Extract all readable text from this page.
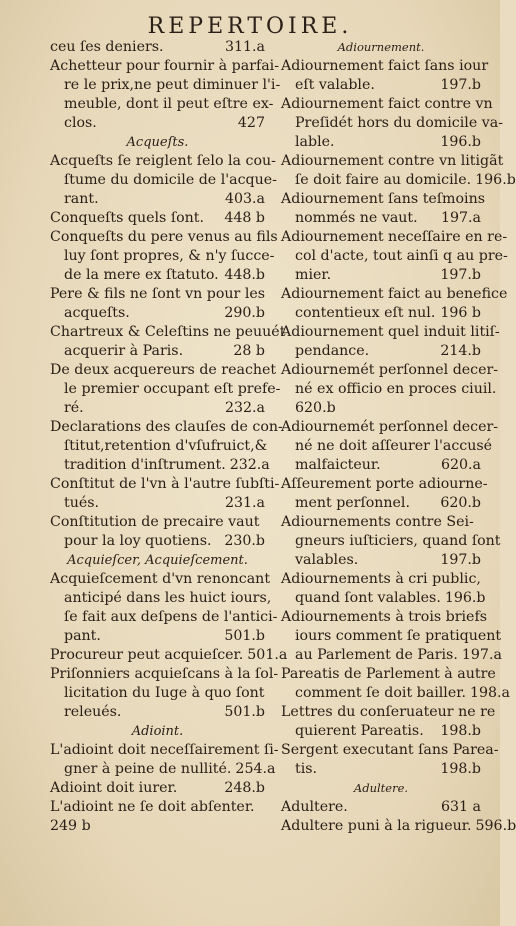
REPERTOIRE.
ceu ſes deniers.	311.a
Achetteur pour fournir à parfai-
re le prix,ne peut diminuer l'i-
meuble, dont il peut eſtre ex-
clos.	427
Acqueſts.
Acqueſts ſe reiglent ſelo la cou-
ſtume du domicile de l'acque-
rant.	403.a
Conqueſts quels ſont. 448 b
Conqueſts du pere venus au fils
luy ſont propres, & n'y ſucce-
de la mere ex ſtatuto. 448.b
Pere & fils ne ſont vn pour les
acqueſts.	290.b
Chartreux & Celeſtins ne peuuét
acquerir à Paris.	28 b
De deux acquereurs de reachet
le premier occupant eſt prefe-
ré.	232.a
Declarations des clauſes de con-
ſtitut,retention d'vſufruict,&
tradition d'inſtrument. 232.a
Conſtitut de l'vn à l'autre ſubſti-
tués.	231.a
Conſtitution de precaire vaut
pour la loy quotiens. 230.b
Acquieſcer, Acquieſcement.
Acquieſcement d'vn renoncant
anticipé dans les huict iours,
ſe fait aux deſpens de l'antici-
pant.	501.b
Procureur peut acquieſcer. 501.a
Priſonniers acquieſcans à la ſol-
licitation du Iuge à quo ſont
releués.	501.b
Adioint.
L'adioint doit neceſſairement ſi-
gner à peine de nullité. 254.a
Adioint doit iurer.	248.b
L'adioint ne ſe doit abſenter.
249 b
Adiournement.
Adiournement faict ſans iour
eſt valable.	197.b
Adiournement faict contre vn
Preſidét hors du domicile va-
lable.	196.b
Adiournement contre vn litigãt
ſe doit faire au domicile. 196.b
Adiournement ſans teſmoins
nommés ne vaut. 197.a
Adiournement neceſſaire en re-
col d'acte, tout ainſi q au pre-
mier.	197.b
Adiournement faict au benefice
contentieux eſt nul. 196 b
Adiournement quel induit litiſ-
pendance.	214.b
Adiournemét perſonnel decer-
né ex officio en proces ciuil.
620.b
Adiournemét perſonnel decer-
né ne doit aſſeurer l'accusé
malfaicteur.	620.a
Aſſeurement porte adiourne-
ment perſonnel. 620.b
Adiournements contre Sei-
gneurs iuſticiers, quand ſont
valables.	197.b
Adiournements à cri public,
quand ſont valables. 196.b
Adiournements à trois briefs
iours comment ſe pratiquent
au Parlement de Paris. 197.a
Pareatis de Parlement à autre
comment ſe doit bailler. 198.a
Lettres du conſeruateur ne re
quierent Pareatis. 198.b
Sergent executant ſans Parea-
tis.	198.b
Adultere.
Adultere.	631 a
Adultere puni à la rigueur. 596.b
